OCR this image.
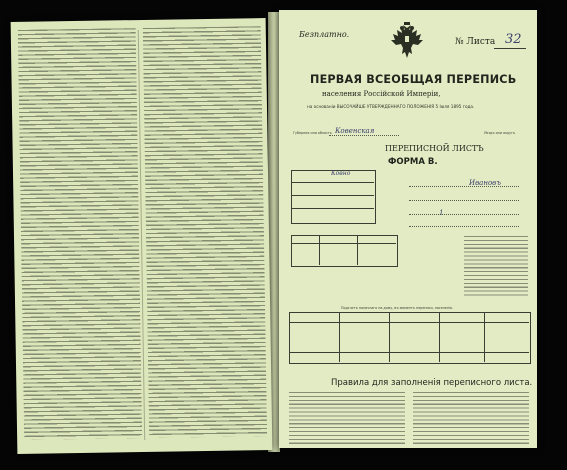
Безплатно.
№ Листа 32
ПЕРВАЯ ВСЕОБЩАЯ ПЕРЕПИСЬ
населения Россійской Имперіи,
на основаніи ВЫСОЧАЙШЕ УТВЕРЖДЕННАГО ПОЛОЖЕНІЯ 5 Іюля 1895 года.
Губерния или область Ковенская	Уѣздъ или округъ
ПЕРЕПИСНОЙ ЛИСТЪ
ФОРМА В.
Ковно
Ивановъ
1
Подсчетъ наличнаго на дому, въ моментъ переписи, населенія.
Правила для заполненія переписного листа.
